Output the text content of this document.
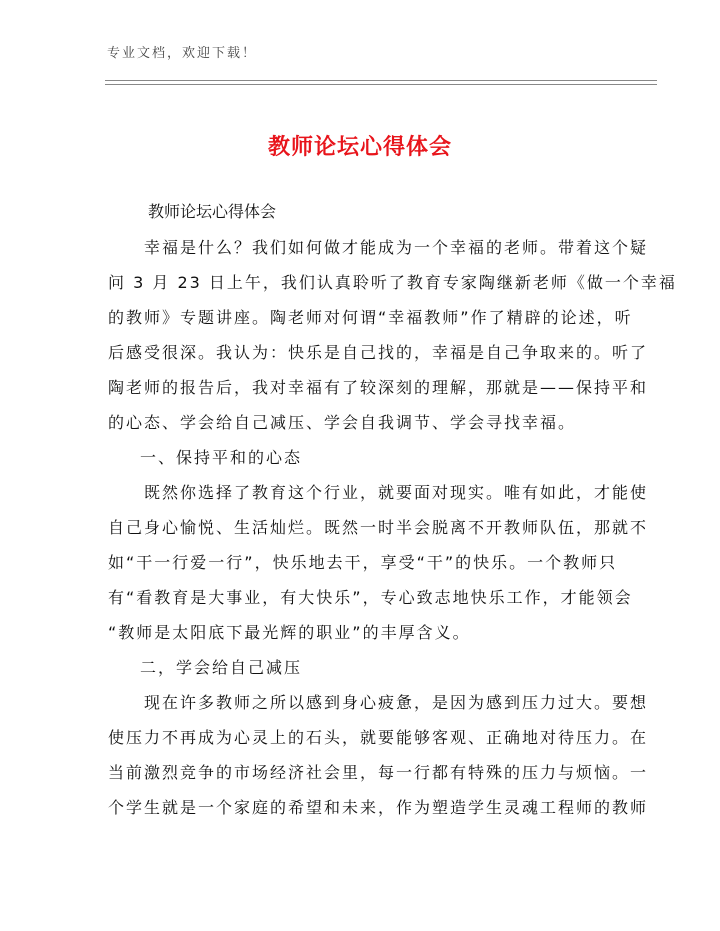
专业文档，欢迎下载！
教师论坛心得体会
教师论坛心得体会
幸福是什么？我们如何做才能成为一个幸福的老师。带着这个疑
问 3 月 23 日上午，我们认真聆听了教育专家陶继新老师《做一个幸福
的教师》专题讲座。陶老师对何谓“幸福教师”作了精辟的论述，听
后感受很深。我认为：快乐是自己找的，幸福是自己争取来的。听了
陶老师的报告后，我对幸福有了较深刻的理解，那就是——保持平和
的心态、学会给自己减压、学会自我调节、学会寻找幸福。
一、保持平和的心态
既然你选择了教育这个行业，就要面对现实。唯有如此，才能使
自己身心愉悦、生活灿烂。既然一时半会脱离不开教师队伍，那就不
如“干一行爱一行”，快乐地去干，享受“干”的快乐。一个教师只
有“看教育是大事业，有大快乐”，专心致志地快乐工作，才能领会
“教师是太阳底下最光辉的职业”的丰厚含义。
二，学会给自己减压
现在许多教师之所以感到身心疲惫，是因为感到压力过大。要想
使压力不再成为心灵上的石头，就要能够客观、正确地对待压力。在
当前激烈竞争的市场经济社会里，每一行都有特殊的压力与烦恼。一
个学生就是一个家庭的希望和未来，作为塑造学生灵魂工程师的教师
